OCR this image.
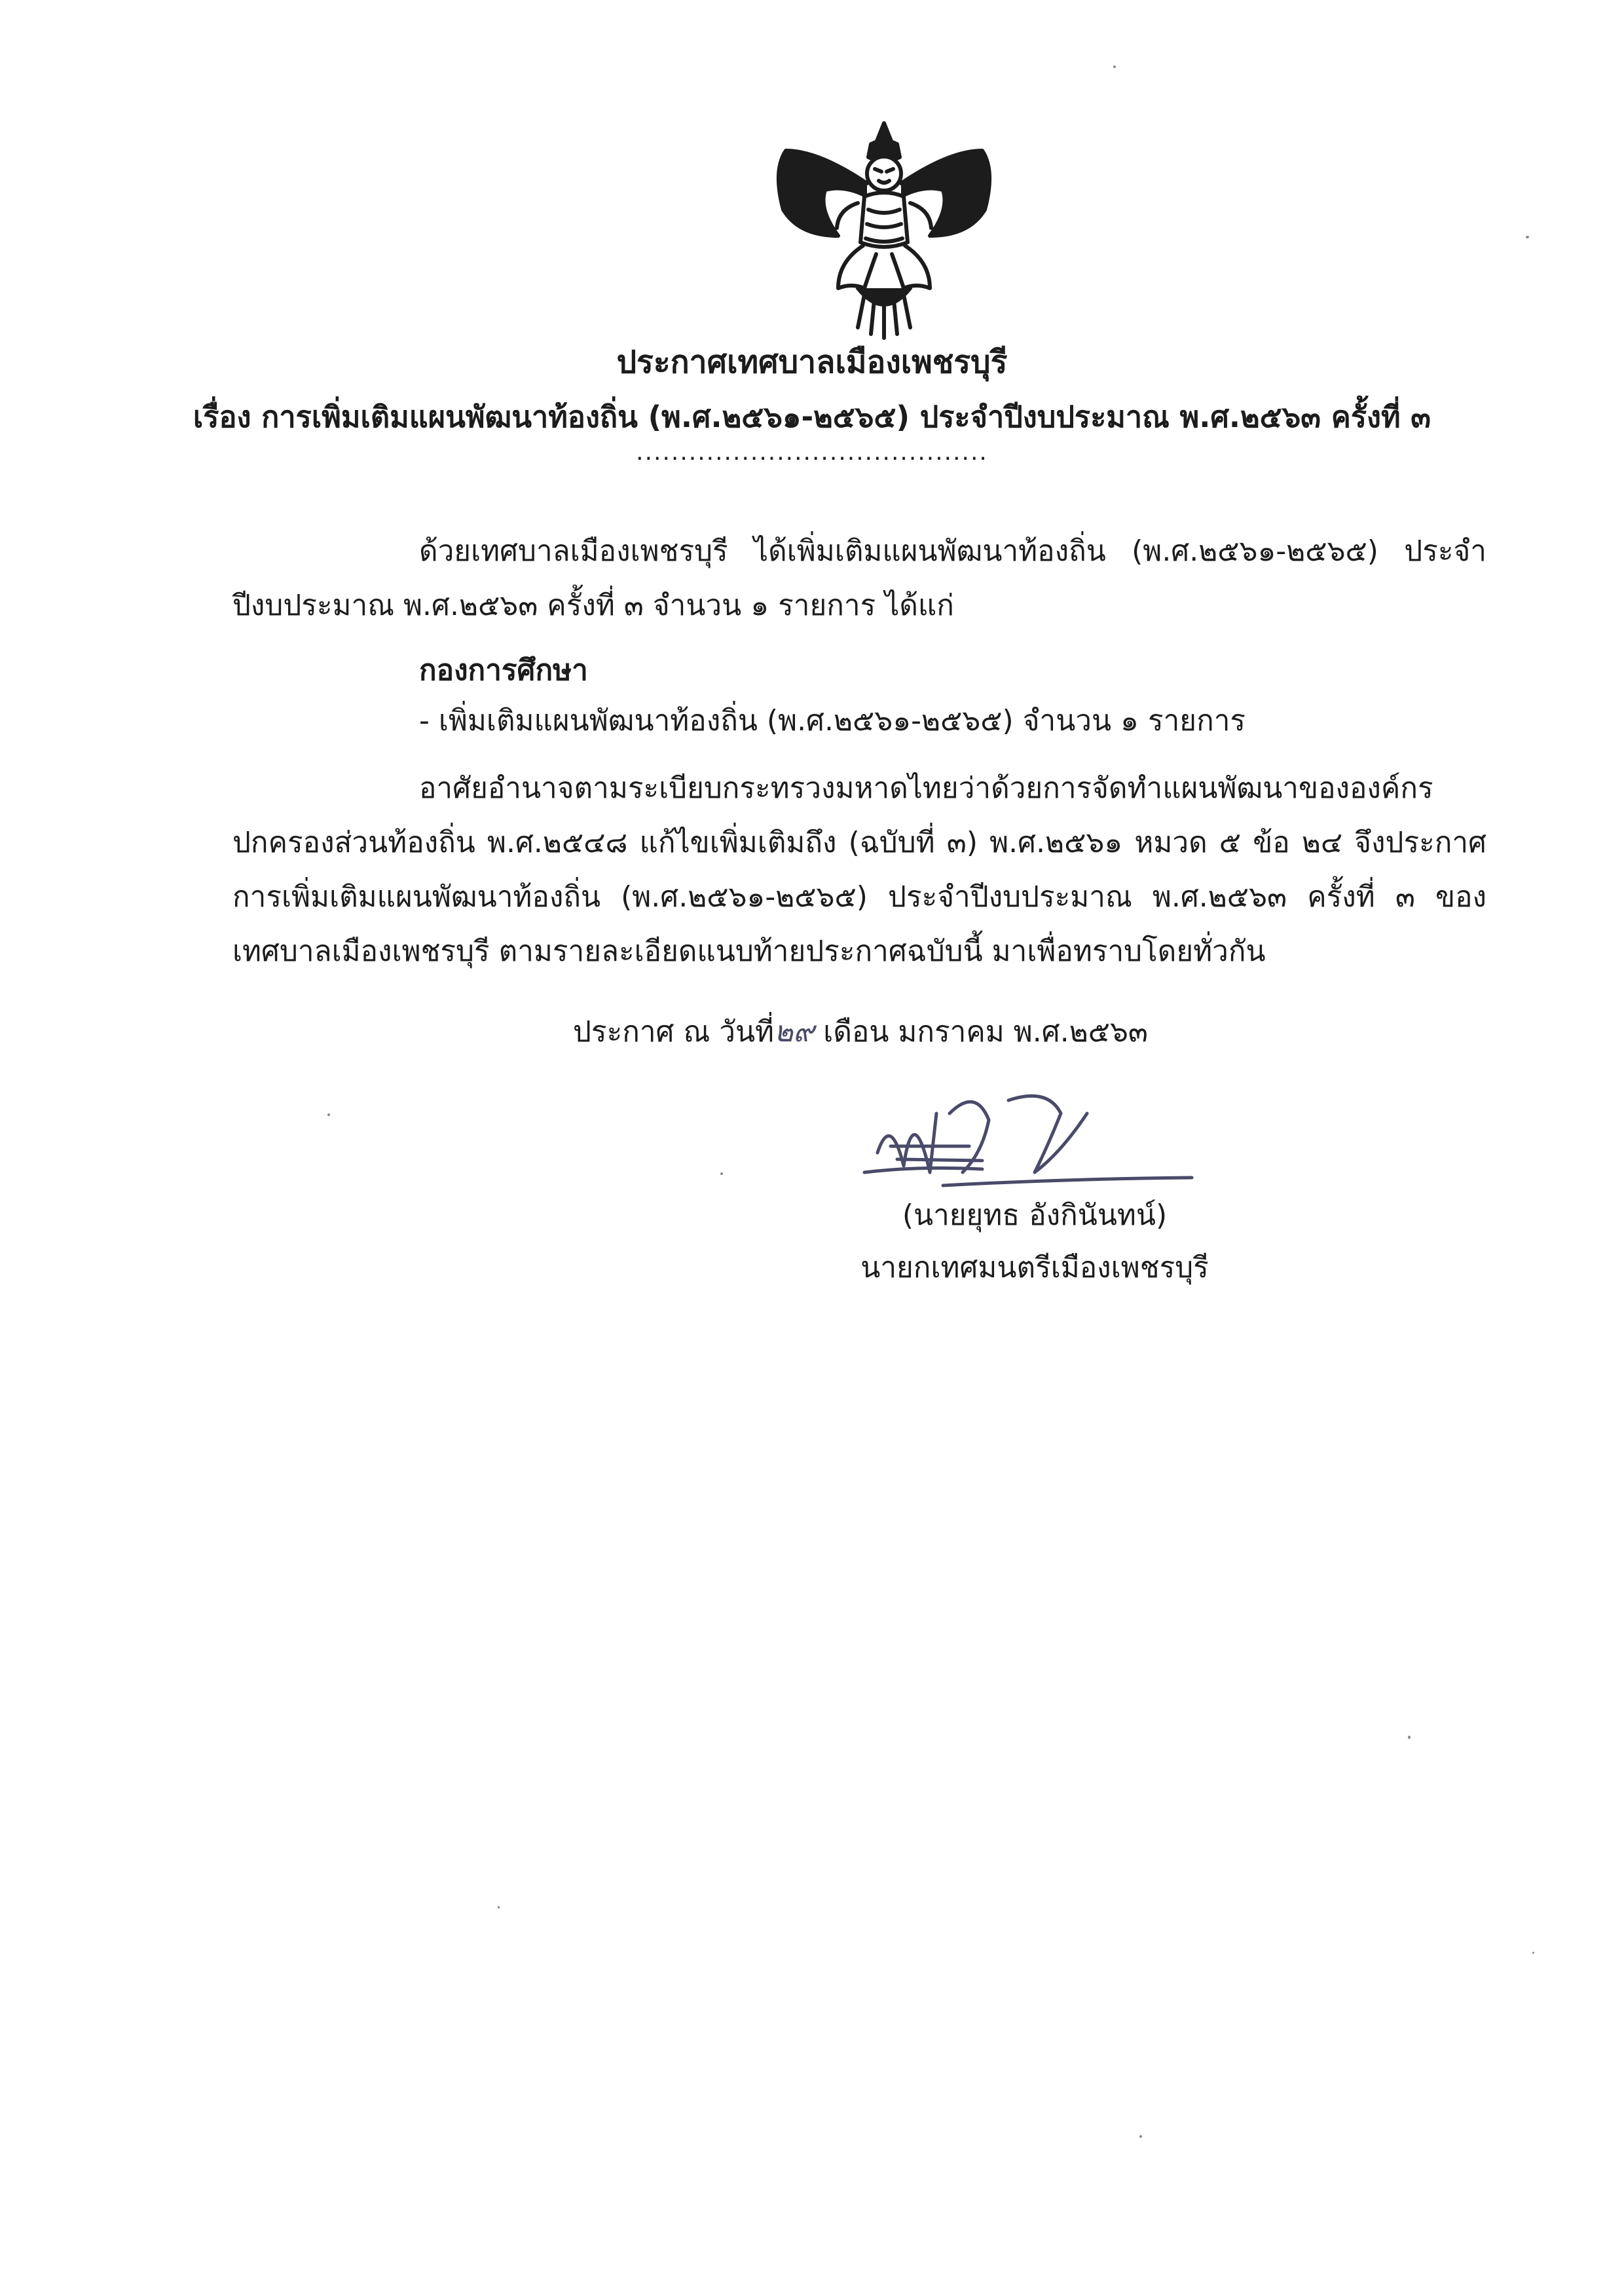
ประกาศเทศบาลเมืองเพชรบุรี
เรื่อง การเพิ่มเติมแผนพัฒนาท้องถิ่น (พ.ศ.๒๕๖๑-๒๕๖๕) ประจำปีงบประมาณ พ.ศ.๒๕๖๓ ครั้งที่ ๓
........................................
ด้วยเทศบาลเมืองเพชรบุรี ได้เพิ่มเติมแผนพัฒนาท้องถิ่น (พ.ศ.๒๕๖๑-๒๕๖๕) ประจำปีงบประมาณ พ.ศ.๒๕๖๓ ครั้งที่ ๓ จำนวน ๑ รายการ ได้แก่
กองการศึกษา
- เพิ่มเติมแผนพัฒนาท้องถิ่น (พ.ศ.๒๕๖๑-๒๕๖๕) จำนวน ๑ รายการ
อาศัยอำนาจตามระเบียบกระทรวงมหาดไทยว่าด้วยการจัดทำแผนพัฒนาขององค์กรปกครองส่วนท้องถิ่น พ.ศ.๒๕๔๘ แก้ไขเพิ่มเติมถึง (ฉบับที่ ๓) พ.ศ.๒๕๖๑ หมวด ๕ ข้อ ๒๔ จึงประกาศการเพิ่มเติมแผนพัฒนาท้องถิ่น (พ.ศ.๒๕๖๑-๒๕๖๕) ประจำปีงบประมาณ พ.ศ.๒๕๖๓ ครั้งที่ ๓ ของเทศบาลเมืองเพชรบุรี ตามรายละเอียดแนบท้ายประกาศฉบับนี้ มาเพื่อทราบโดยทั่วกัน
ประกาศ ณ วันที่๒๙ เดือน มกราคม พ.ศ.๒๕๖๓
(นายยุทธ อังกินันทน์)
นายกเทศมนตรีเมืองเพชรบุรี
